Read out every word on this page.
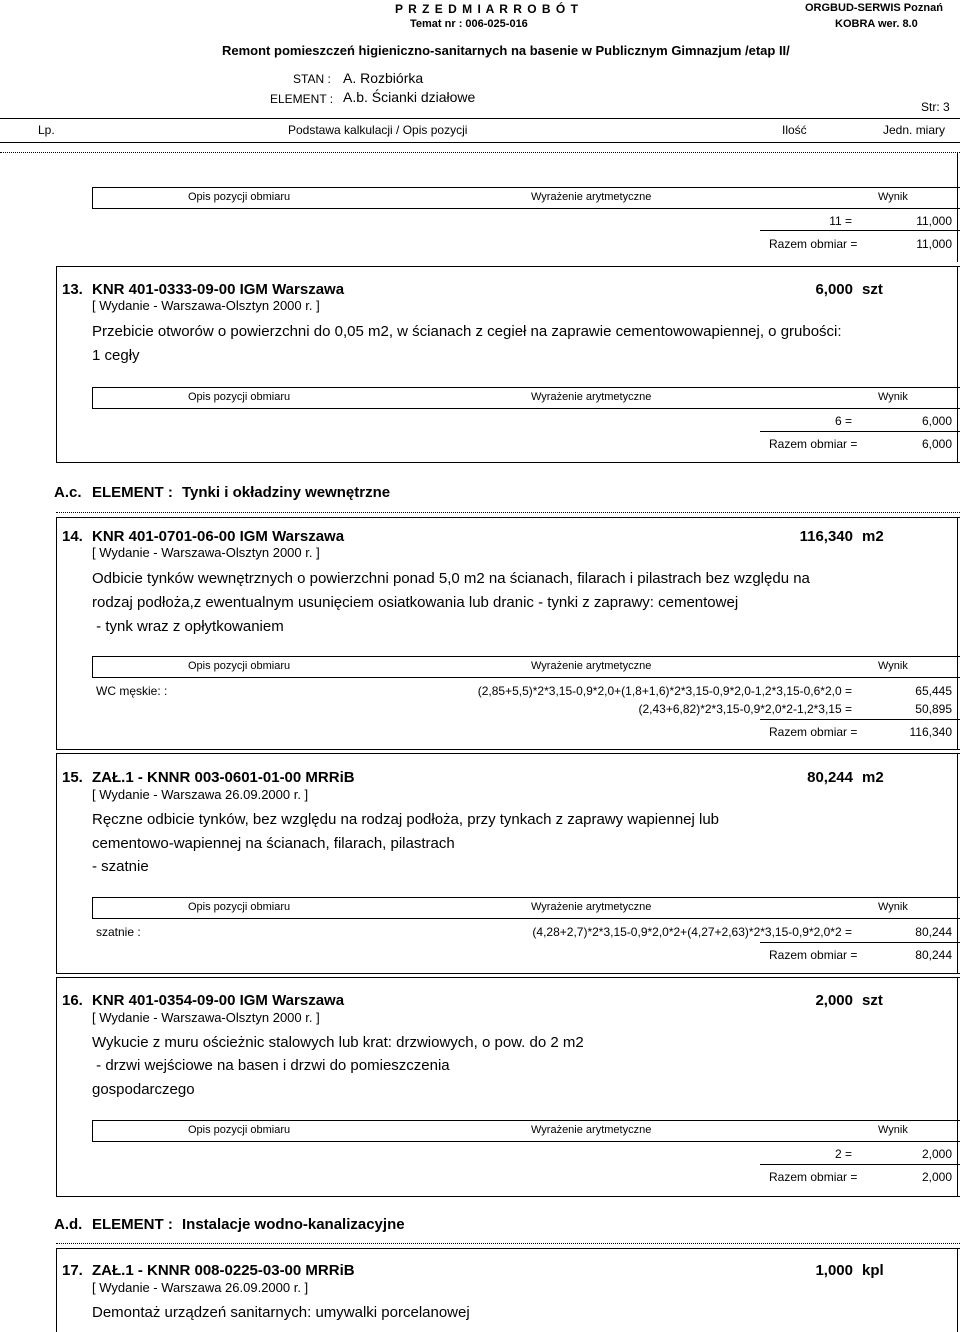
P R Z E D M I A R R O B Ó T
Temat nr : 006-025-016
ORGBUD-SERWIS Poznań
KOBRA wer. 8.0
Remont pomieszczeń higieniczno-sanitarnych na basenie w Publicznym Gimnazjum /etap II/
STAN : A. Rozbiórka
ELEMENT : A.b. Ścianki działowe
Str: 3
Lp.	Podstawa kalkulacji / Opis pozycji	Ilość	Jedn. miary
Opis pozycji obmiaru	Wyrażenie arytmetyczne	Wynik
11 =	11,000
Razem obmiar =	11,000
13. KNR 401-0333-09-00 IGM Warszawa
[ Wydanie - Warszawa-Olsztyn 2000 r. ]
6,000 szt
Przebicie otworów o powierzchni do 0,05 m2, w ścianach z cegieł na zaprawie cementowowapiennej, o grubości:
1 cegły
Opis pozycji obmiaru	Wyrażenie arytmetyczne	Wynik
6 =	6,000
Razem obmiar =	6,000
A.c. ELEMENT : Tynki i okładziny wewnętrzne
14. KNR 401-0701-06-00 IGM Warszawa
[ Wydanie - Warszawa-Olsztyn 2000 r. ]
116,340 m2
Odbicie tynków wewnętrznych o powierzchni ponad 5,0 m2 na ścianach, filarach i pilastrach bez względu na
rodzaj podłoża,z ewentualnym usunięciem osiatkowania lub dranic - tynki z zaprawy: cementowej
- tynk wraz z opłytkowaniem
Opis pozycji obmiaru	Wyrażenie arytmetyczne	Wynik
WC męskie: :	(2,85+5,5)*2*3,15-0,9*2,0+(1,8+1,6)*2*3,15-0,9*2,0-1,2*3,15-0,6*2,0 =	65,445
(2,43+6,82)*2*3,15-0,9*2,0*2-1,2*3,15 =	50,895
Razem obmiar =	116,340
15. ZAŁ.1 - KNNR 003-0601-01-00 MRRiB
[ Wydanie - Warszawa 26.09.2000 r. ]
80,244 m2
Ręczne odbicie tynków, bez względu na rodzaj podłoża, przy tynkach z zaprawy wapiennej lub
cementowo-wapiennej na ścianach, filarach, pilastrach
- szatnie
Opis pozycji obmiaru	Wyrażenie arytmetyczne	Wynik
szatnie :	(4,28+2,7)*2*3,15-0,9*2,0*2+(4,27+2,63)*2*3,15-0,9*2,0*2 =	80,244
Razem obmiar =	80,244
16. KNR 401-0354-09-00 IGM Warszawa
[ Wydanie - Warszawa-Olsztyn 2000 r. ]
2,000 szt
Wykucie z muru ościeżnic stalowych lub krat: drzwiowych, o pow. do 2 m2
- drzwi wejściowe na basen i drzwi do pomieszczenia
gospodarczego
Opis pozycji obmiaru	Wyrażenie arytmetyczne	Wynik
2 =	2,000
Razem obmiar =	2,000
A.d. ELEMENT : Instalacje wodno-kanalizacyjne
17. ZAŁ.1 - KNNR 008-0225-03-00 MRRiB
[ Wydanie - Warszawa 26.09.2000 r. ]
1,000 kpl
Demontaż urządzeń sanitarnych: umywalki porcelanowej
